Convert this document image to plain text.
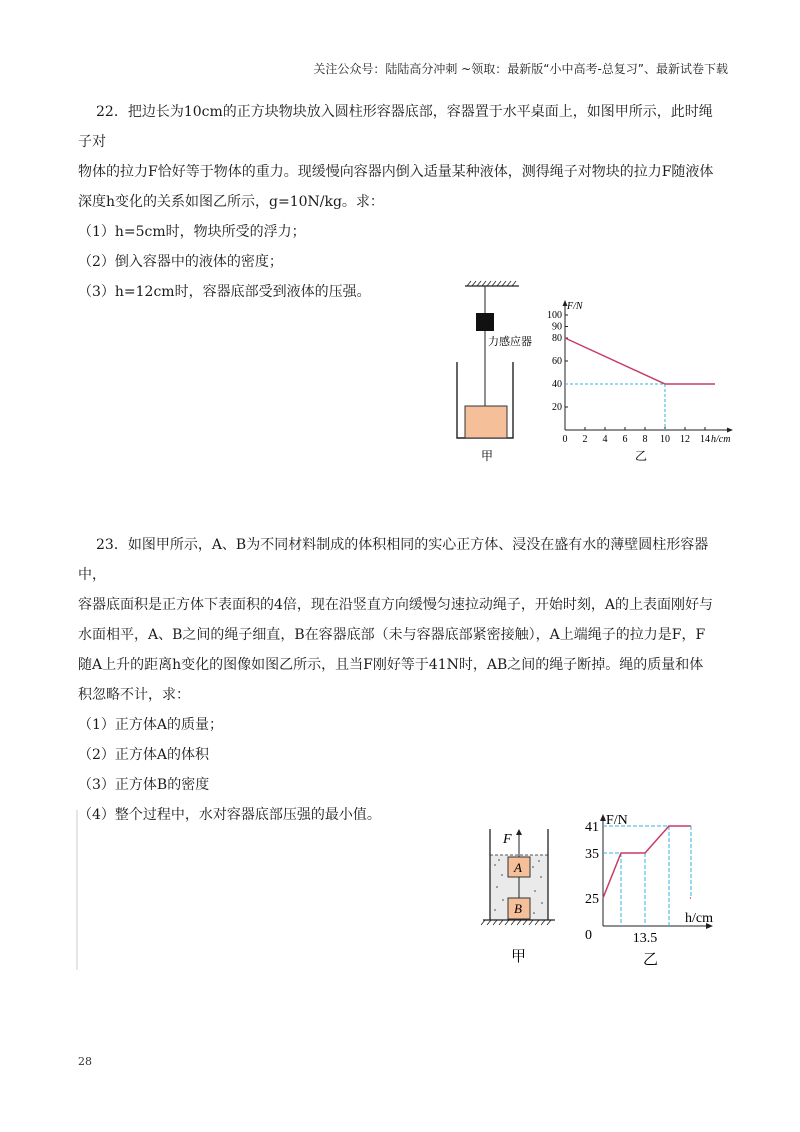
关注公众号：陆陆高分冲刺 ~领取：最新版“小中高考-总复习”、最新试卷下载

22．把边长为10cm的正方块物块放入圆柱形容器底部，容器置于水平桌面上，如图甲所示，此时绳子对

物体的拉力F恰好等于物体的重力。现缓慢向容器内倒入适量某种液体，测得绳子对物块的拉力F随液体

深度h变化的关系如图乙所示，g=10N/kg。求：

（1）h=5cm时，物块所受的浮力；

（2）倒入容器中的液体的密度；

（3）h=12cm时，容器底部受到液体的压强。

力感应器
甲
20
40
60
80
90
100
0 2 4 6 8 10 12 14
F/N
h/cm
乙

23．如图甲所示，A、B为不同材料制成的体积相同的实心正方体、浸没在盛有水的薄壁圆柱形容器中，

容器底面积是正方体下表面积的4倍，现在沿竖直方向缓慢匀速拉动绳子，开始时刻，A的上表面刚好与

水面相平，A、B之间的绳子细直，B在容器底部（未与容器底部紧密接触），A上端绳子的拉力是F，F

随A上升的距离h变化的图像如图乙所示，且当F刚好等于41N时，AB之间的绳子断掉。绳的质量和体

积忽略不计，求：

（1）正方体A的质量；

（2）正方体A的体积

（3）正方体B的密度

（4）整个过程中，水对容器底部压强的最小值。

F
A
B
甲
F/N
h/cm
0
25
35
41
13.5
乙
28
